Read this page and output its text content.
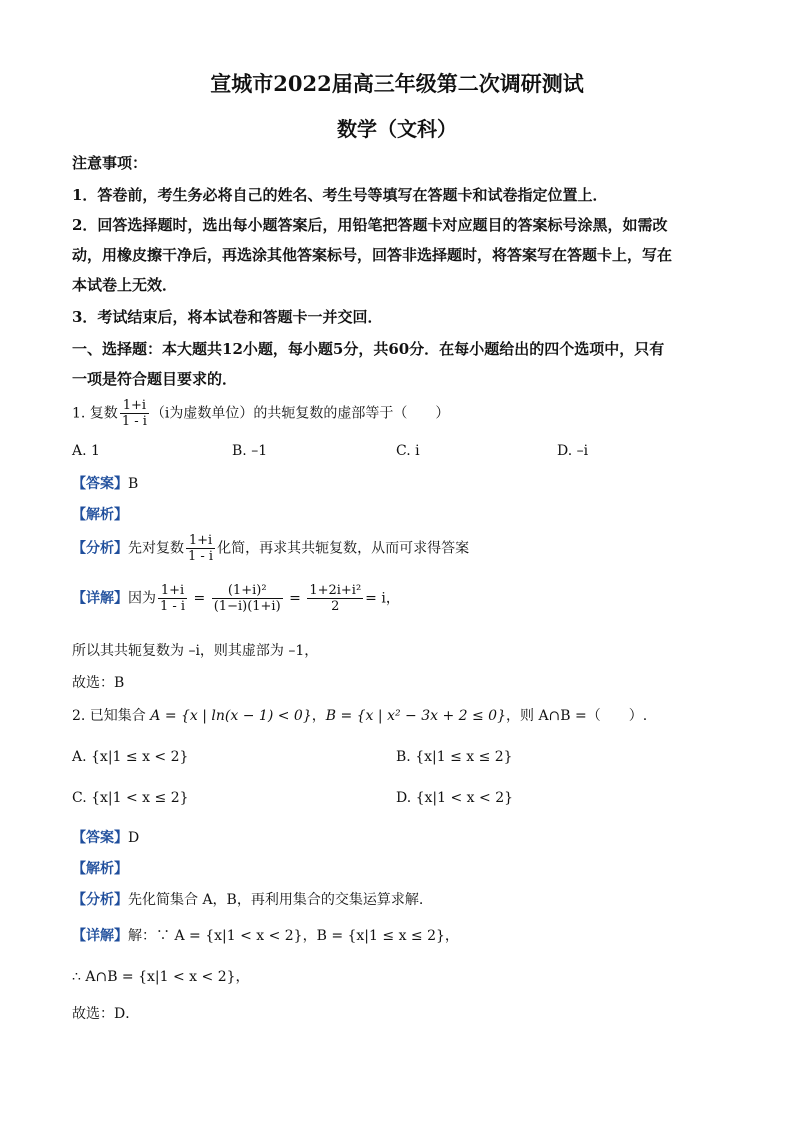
宣城市2022届高三年级第二次调研测试
数学（文科）
注意事项：
1．答卷前，考生务必将自己的姓名、考生号等填写在答题卡和试卷指定位置上．
2．回答选择题时，选出每小题答案后，用铅笔把答题卡对应题目的答案标号涂黑，如需改
动，用橡皮擦干净后，再选涂其他答案标号，回答非选择题时，将答案写在答题卡上，写在
本试卷上无效．
3．考试结束后，将本试卷和答题卡一并交回．
一、选择题：本大题共12小题，每小题5分，共60分．在每小题给出的四个选项中，只有
一项是符合题目要求的．
1. 复数 $\frac{1+i}{1 - i} (i$为虚数单位）的共轭复数的虚部等于（　　）
A. 1	B. –1	C. i	D. –i
【答案】B
【解析】
【分析】先对复数 $\frac{1+i}{1 - i}$ 化简，再求其共轭复数，从而可求得答案
【详解】因为 $\frac{1+i}{1 - i} = \frac{\text{(1+i)²}}{(1-i)(1+i)} = \frac{\text{1+2i+i²}}{2} = i$，
所以其共轭复数为 –i，则其虚部为 –1，
故选：B
2. 已知集合 A = {x | ln(x − 1) < 0}，B = {x | x² − 3x + 2 ≤ 0}，则 A∩B =（　　）.
A. {x|1 ≤ x < 2}	B. {x|1 ≤ x ≤ 2}
C. {x|1 < x ≤ 2}	D. {x|1 < x < 2}
【答案】D
【解析】
【分析】先化简集合 A，B，再利用集合的交集运算求解.
【详解】解：∵ A = {x|1 < x < 2}，B = {x|1 ≤ x ≤ 2}，
∴ A∩B = {x|1 < x < 2}，
故选：D．
